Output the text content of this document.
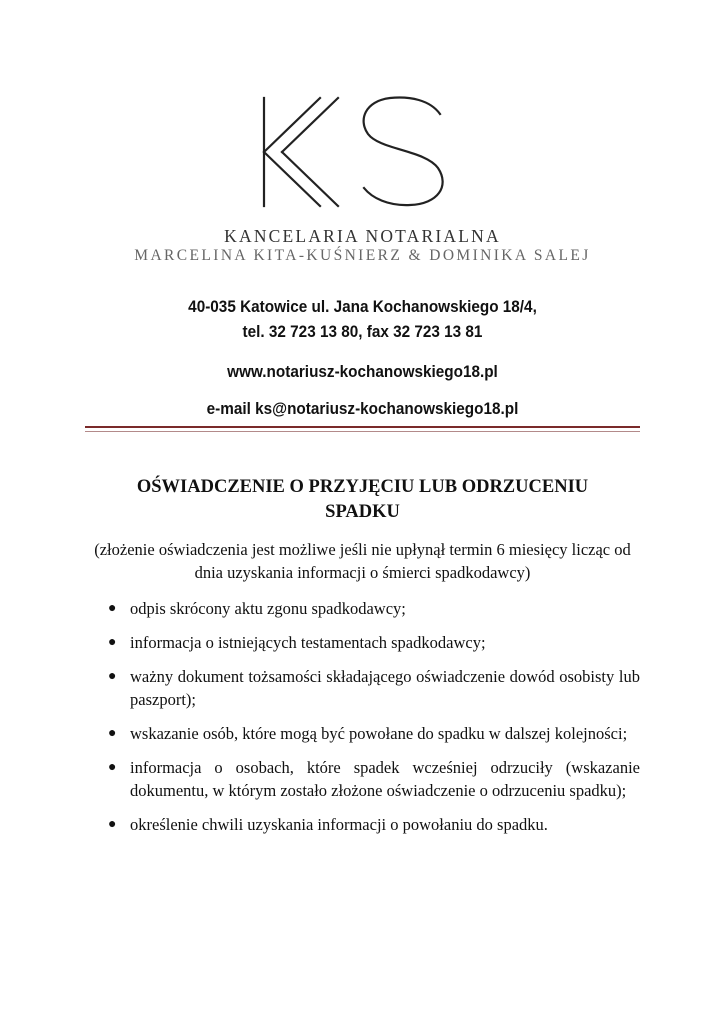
KANCELARIA NOTARIALNA
MARCELINA KITA-KUŚNIERZ & DOMINIKA SALEJ
40-035 Katowice ul. Jana Kochanowskiego 18/4,
tel. 32 723 13 80, fax 32 723 13 81
www.notariusz-kochanowskiego18.pl
e-mail ks@notariusz-kochanowskiego18.pl
OŚWIADCZENIE O PRZYJĘCIU LUB ODRZUCENIU
SPADKU
(złożenie oświadczenia jest możliwe jeśli nie upłynął termin 6 miesięcy licząc od dnia uzyskania informacji o śmierci spadkodawcy)
● odpis skrócony aktu zgonu spadkodawcy;
● informacja o istniejących testamentach spadkodawcy;
● ważny dokument tożsamości składającego oświadczenie dowód osobisty lub paszport);
● wskazanie osób, które mogą być powołane do spadku w dalszej kolejności;
● informacja o osobach, które spadek wcześniej odrzuciły (wskazanie dokumentu, w którym zostało złożone oświadczenie o odrzuceniu spadku);
● określenie chwili uzyskania informacji o powołaniu do spadku.
